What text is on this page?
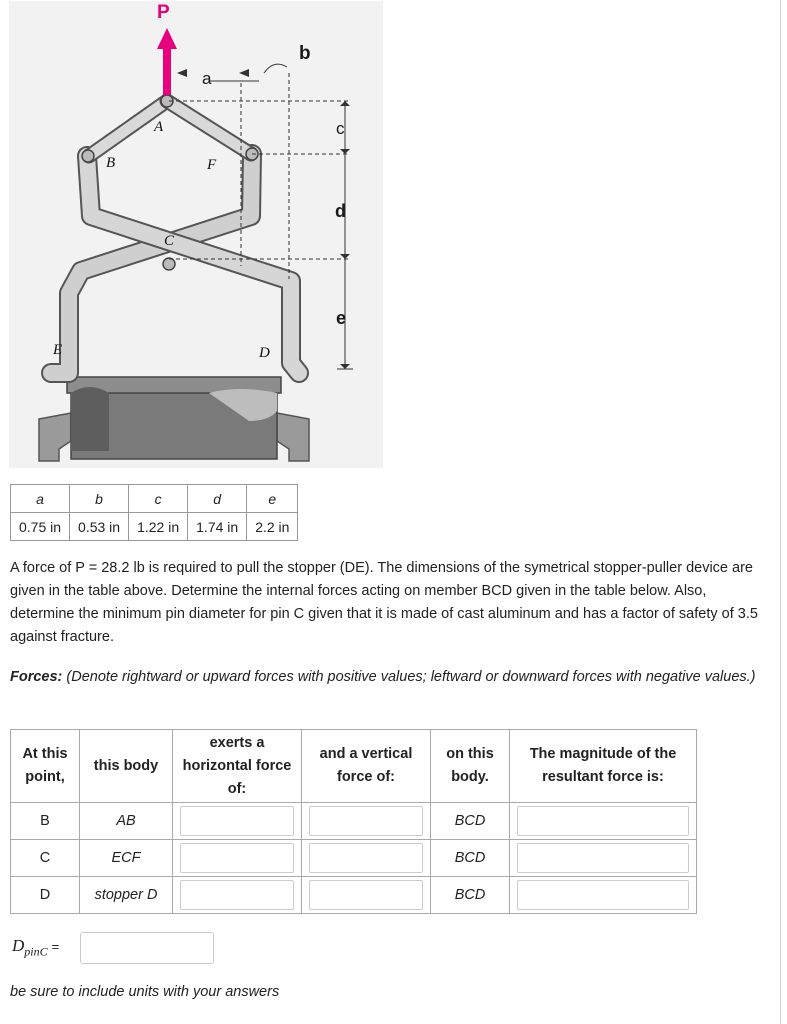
P
a
b
c
d
e
A
B
C
D
E
F
a	b	c	d	e
0.75 in	0.53 in	1.22 in	1.74 in	2.2 in
A force of P = 28.2 lb is required to pull the stopper (DE). The dimensions of the symetrical stopper-puller device are given in the table above. Determine the internal forces acting on member BCD given in the table below. Also, determine the minimum pin diameter for pin C given that it is made of cast aluminum and has a factor of safety of 3.5 against fracture.
Forces: (Denote rightward or upward forces with positive values; leftward or downward forces with negative values.)
At this point,	this body	exerts a horizontal force of:	and a vertical force of:	on this body.	The magnitude of the resultant force is:
B	AB			BCD	

C	ECF			BCD	

D	stopper D			BCD	
$D_{pinC}$ =
be sure to include units with your answers
